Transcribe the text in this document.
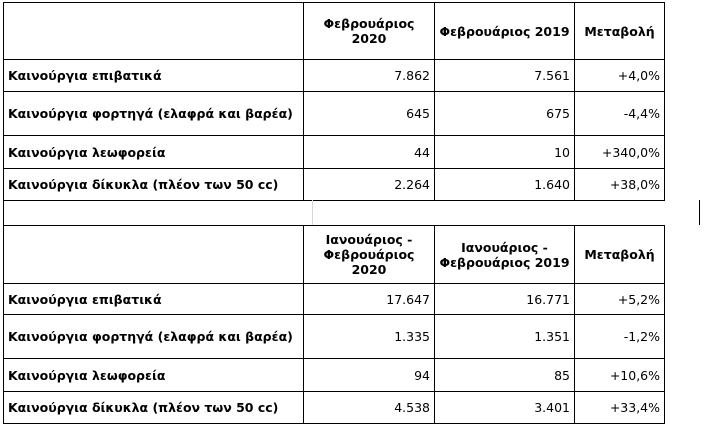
	Φεβρουάριος 2020	Φεβρουάριος 2019	Μεταβολή
Καινούργια επιβατικά	7.862	7.561	+4,0%
Καινούργια φορτηγά (ελαφρά και βαρέα)	645	675	-4,4%
Καινούργια λεωφορεία	44	10	+340,0%
Καινούργια δίκυκλα (πλέον των 50 cc)	2.264	1.640	+38,0%
	Ιανουάριος - Φεβρουάριος 2020	Ιανουάριος - Φεβρουάριος 2019	Μεταβολή
Καινούργια επιβατικά	17.647	16.771	+5,2%
Καινούργια φορτηγά (ελαφρά και βαρέα)	1.335	1.351	-1,2%
Καινούργια λεωφορεία	94	85	+10,6%
Καινούργια δίκυκλα (πλέον των 50 cc)	4.538	3.401	+33,4%
